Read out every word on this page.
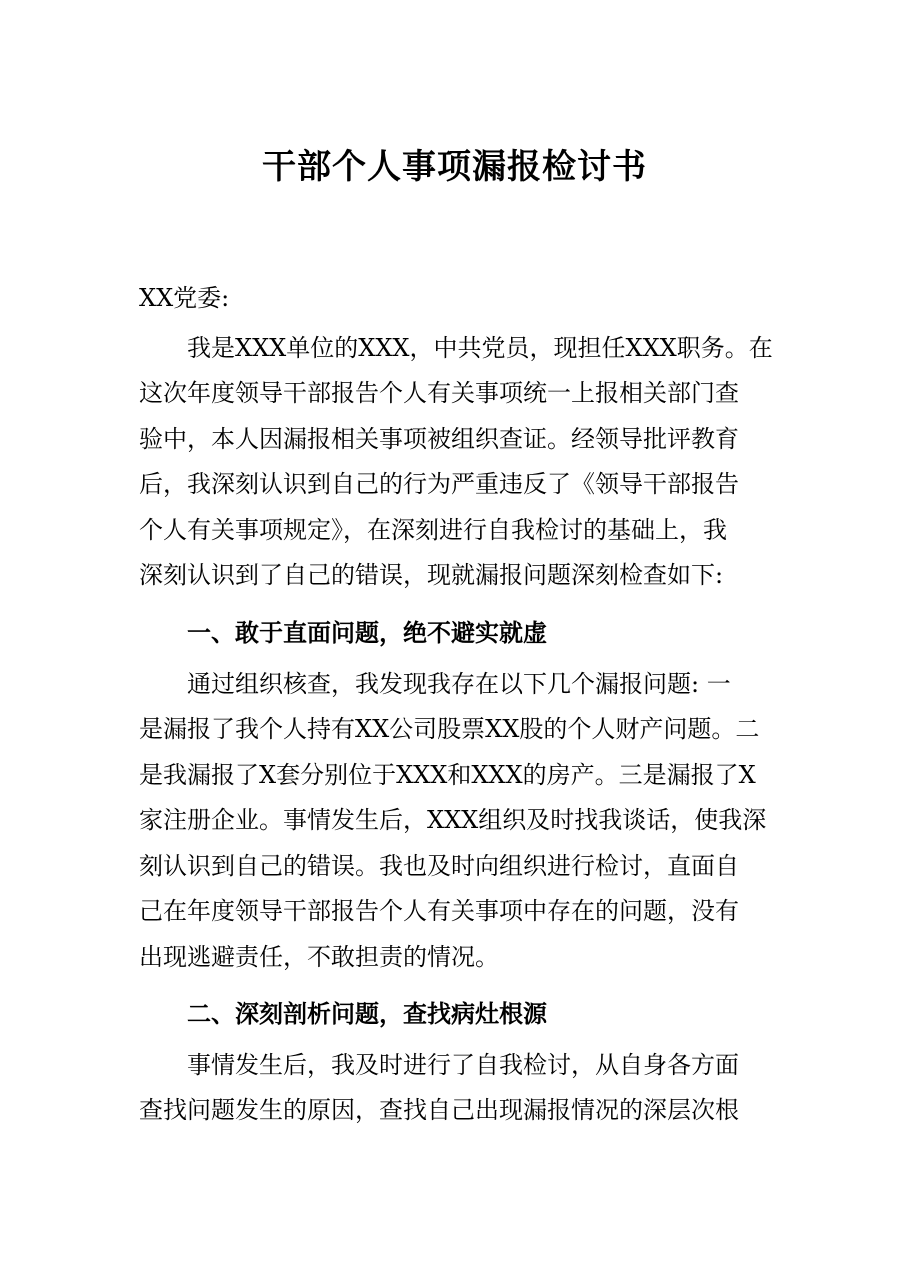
干部个人事项漏报检讨书
XX党委:
我是XXX单位的XXX，中共党员，现担任XXX职务。在
这次年度领导干部报告个人有关事项统一上报相关部门查
验中，本人因漏报相关事项被组织查证。经领导批评教育
后，我深刻认识到自己的行为严重违反了《领导干部报告
个人有关事项规定》，在深刻进行自我检讨的基础上，我
深刻认识到了自己的错误，现就漏报问题深刻检查如下:
一、敢于直面问题，绝不避实就虚
通过组织核查，我发现我存在以下几个漏报问题: 一
是漏报了我个人持有XX公司股票XX股的个人财产问题。二
是我漏报了X套分别位于XXX和XXX的房产。三是漏报了X
家注册企业。事情发生后，XXX组织及时找我谈话，使我深
刻认识到自己的错误。我也及时向组织进行检讨，直面自
己在年度领导干部报告个人有关事项中存在的问题，没有
出现逃避责任，不敢担责的情况。
二、深刻剖析问题，查找病灶根源
事情发生后，我及时进行了自我检讨，从自身各方面
查找问题发生的原因，查找自己出现漏报情况的深层次根
